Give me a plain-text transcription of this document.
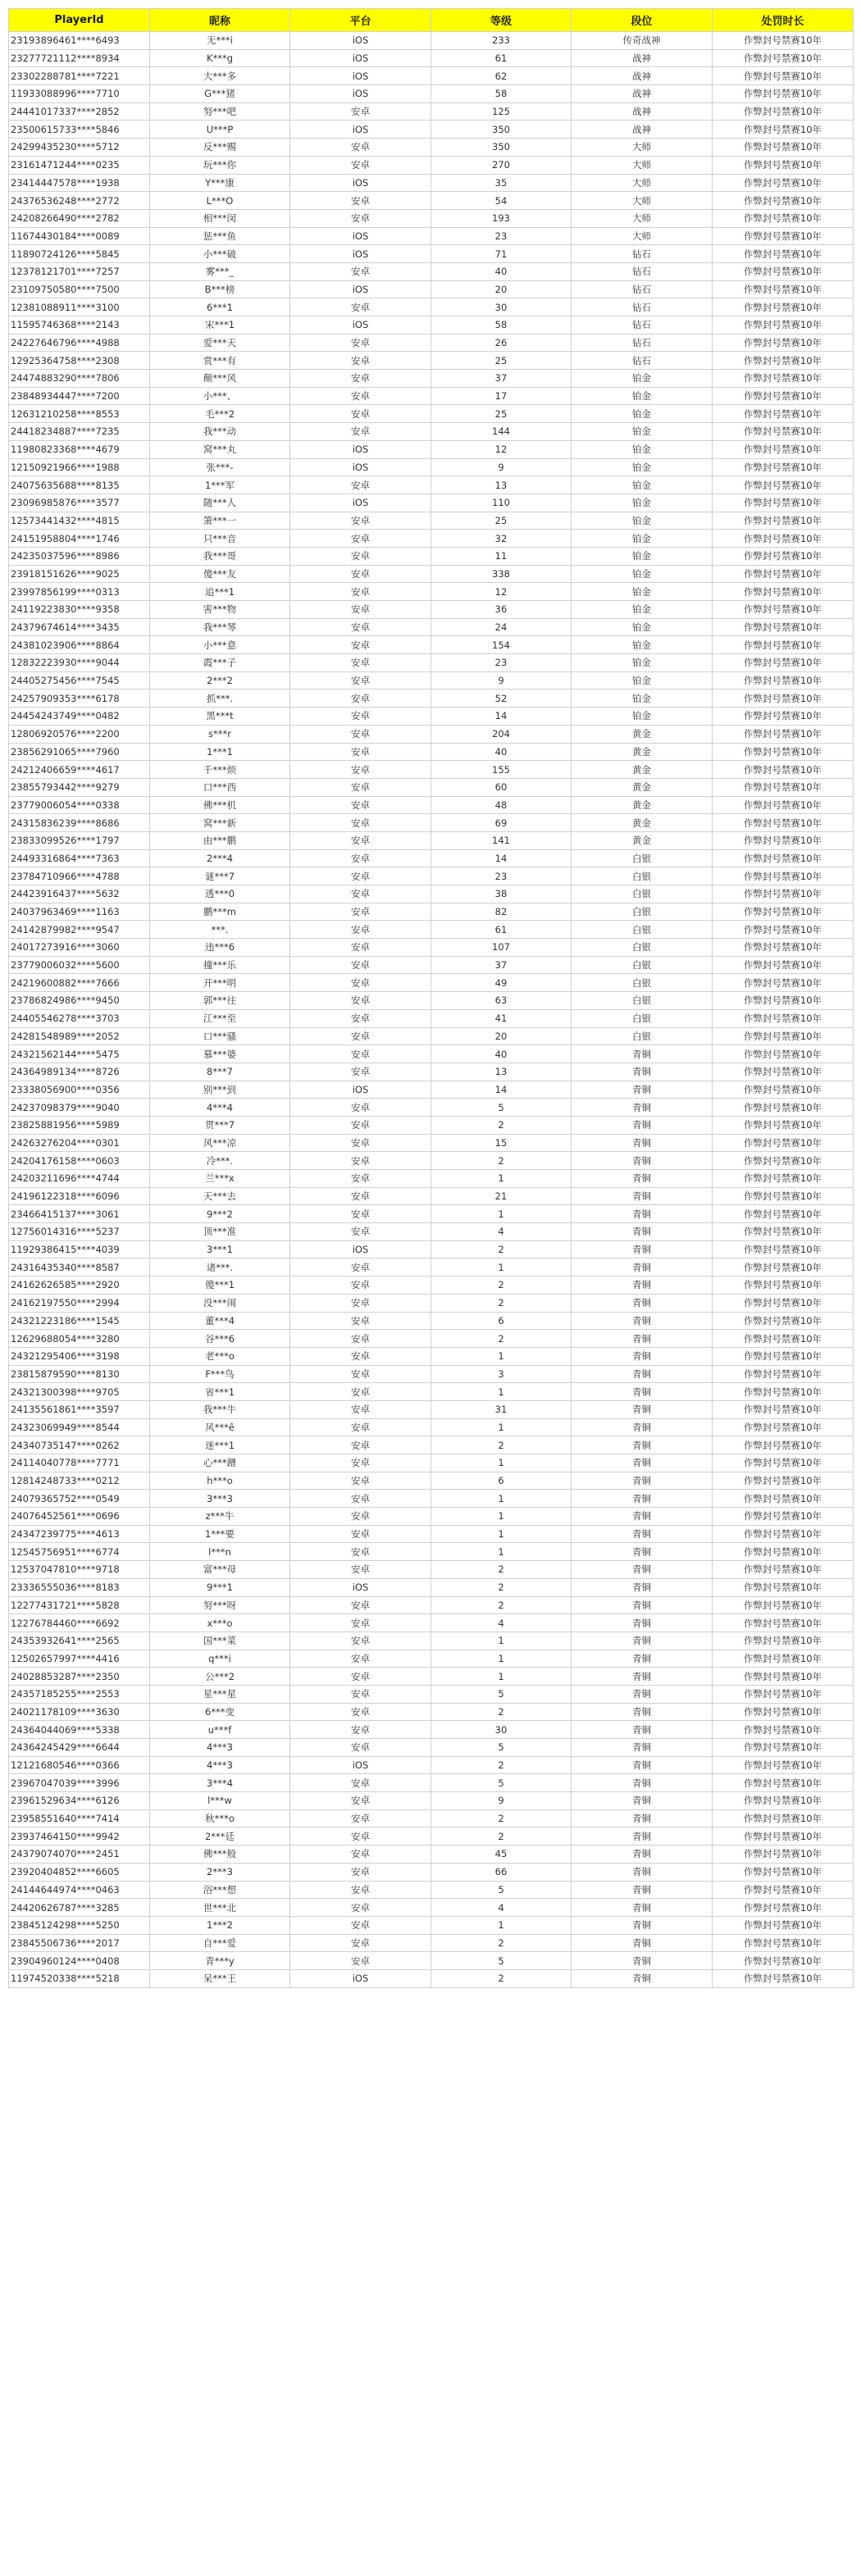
PlayerId	昵称	平台	等级	段位	处罚时长
23193896461****6493	无***i	iOS	233	传奇战神	作弊封号禁赛10年
23277721112****8934	K***g	iOS	61	战神	作弊封号禁赛10年
23302288781****7221	大***多	iOS	62	战神	作弊封号禁赛10年
11933088996****7710	G***猪	iOS	58	战神	作弊封号禁赛10年
24441017337****2852	努***吧	安卓	125	战神	作弊封号禁赛10年
23500615733****5846	U***P	iOS	350	战神	作弊封号禁赛10年
24299435230****5712	反***赐	安卓	350	大师	作弊封号禁赛10年
23161471244****0235	玩***你	安卓	270	大师	作弊封号禁赛10年
23414447578****1938	Y***康	iOS	35	大师	作弊封号禁赛10年
24376536248****2772	L***O	安卓	54	大师	作弊封号禁赛10年
24208266490****2782	相***闵	安卓	193	大师	作弊封号禁赛10年
11674430184****0089	惩***鱼	iOS	23	大师	作弊封号禁赛10年
11890724126****5845	小***破	iOS	71	钻石	作弊封号禁赛10年
12378121701****7257	雾***_	安卓	40	钻石	作弊封号禁赛10年
23109750580****7500	B***榜	iOS	20	钻石	作弊封号禁赛10年
12381088911****3100	6***1	安卓	30	钻石	作弊封号禁赛10年
11595746368****2143	宋***1	iOS	58	钻石	作弊封号禁赛10年
24227646796****4988	爱***天	安卓	26	钻石	作弊封号禁赛10年
12925364758****2308	赏***有	安卓	25	钻石	作弊封号禁赛10年
24474883290****7806	颠***风	安卓	37	铂金	作弊封号禁赛10年
23848934447****7200	小***、	安卓	17	铂金	作弊封号禁赛10年
12631210258****8553	毛***2	安卓	25	铂金	作弊封号禁赛10年
24418234887****7235	我***动	安卓	144	铂金	作弊封号禁赛10年
11980823368****4679	窝***丸	iOS	12	铂金	作弊封号禁赛10年
12150921966****1988	张***-	iOS	9	铂金	作弊封号禁赛10年
24075635688****8135	1***军	安卓	13	铂金	作弊封号禁赛10年
23096985876****3577	随***人	iOS	110	铂金	作弊封号禁赛10年
12573441432****4815	箫***一	安卓	25	铂金	作弊封号禁赛10年
24151958804****1746	只***音	安卓	32	铂金	作弊封号禁赛10年
24235037596****8986	我***哥	安卓	11	铂金	作弊封号禁赛10年
23918151626****9025	傻***友	安卓	338	铂金	作弊封号禁赛10年
23997856199****0313	追***1	安卓	12	铂金	作弊封号禁赛10年
24119223830****9358	害***物	安卓	36	铂金	作弊封号禁赛10年
24379674614****3435	我***琴	安卓	24	铂金	作弊封号禁赛10年
24381023906****8864	小***意	安卓	154	铂金	作弊封号禁赛10年
12832223930****9044	霞***子	安卓	23	铂金	作弊封号禁赛10年
24405275456****7545	2***2	安卓	9	铂金	作弊封号禁赛10年
24257909353****6178	抓***.	安卓	52	铂金	作弊封号禁赛10年
24454243749****0482	黑***t	安卓	14	铂金	作弊封号禁赛10年
12806920576****2200	s***r	安卓	204	黄金	作弊封号禁赛10年
23856291065****7960	1***1	安卓	40	黄金	作弊封号禁赛10年
24212406659****4617	千***烦	安卓	155	黄金	作弊封号禁赛10年
23855793442****9279	口***西	安卓	60	黄金	作弊封号禁赛10年
23779006054****0338	佛***机	安卓	48	黄金	作弊封号禁赛10年
24315836239****8686	窝***新	安卓	69	黄金	作弊封号禁赛10年
23833099526****1797	由***鹏	安卓	141	黄金	作弊封号禁赛10年
24493316864****7363	2***4	安卓	14	白银	作弊封号禁赛10年
23784710966****4788	谜***7	安卓	23	白银	作弊封号禁赛10年
24423916437****5632	透***0	安卓	38	白银	作弊封号禁赛10年
24037963469****1163	鹏***m	安卓	82	白银	作弊封号禁赛10年
24142879982****9547	***.	安卓	61	白银	作弊封号禁赛10年
24017273916****3060	违***6	安卓	107	白银	作弊封号禁赛10年
23779006032****5600	撞***乐	安卓	37	白银	作弊封号禁赛10年
24219600882****7666	开***明	安卓	49	白银	作弊封号禁赛10年
23786824986****9450	郭***往	安卓	63	白银	作弊封号禁赛10年
24405546278****3703	江***至	安卓	41	白银	作弊封号禁赛10年
24281548989****2052	口***骚	安卓	20	白银	作弊封号禁赛10年
24321562144****5475	慕***婆	安卓	40	青铜	作弊封号禁赛10年
24364989134****8726	8***7	安卓	13	青铜	作弊封号禁赛10年
23338056900****0356	别***到	iOS	14	青铜	作弊封号禁赛10年
24237098379****9040	4***4	安卓	5	青铜	作弊封号禁赛10年
23825881956****5989	贯***7	安卓	2	青铜	作弊封号禁赛10年
24263276204****0301	风***凉	安卓	15	青铜	作弊封号禁赛10年
24204176158****0603	冷***.	安卓	2	青铜	作弊封号禁赛10年
24203211696****4744	兰***x	安卓	1	青铜	作弊封号禁赛10年
24196122318****6096	天***去	安卓	21	青铜	作弊封号禁赛10年
23466415137****3061	9***2	安卓	1	青铜	作弊封号禁赛10年
12756014316****5237	顶***准	安卓	4	青铜	作弊封号禁赛10年
11929386415****4039	3***1	iOS	2	青铜	作弊封号禁赛10年
24316435340****8587	诸***.	安卓	1	青铜	作弊封号禁赛10年
24162626585****2920	傻***1	安卓	2	青铜	作弊封号禁赛10年
24162197550****2994	没***闹	安卓	2	青铜	作弊封号禁赛10年
24321223186****1545	董***4	安卓	6	青铜	作弊封号禁赛10年
12629688054****3280	谷***6	安卓	2	青铜	作弊封号禁赛10年
24321295406****3198	老***o	安卓	1	青铜	作弊封号禁赛10年
23815879590****8130	F***鸟	安卓	3	青铜	作弊封号禁赛10年
24321300398****9705	省***1	安卓	1	青铜	作弊封号禁赛10年
24135561861****3597	我***牛	安卓	31	青铜	作弊封号禁赛10年
24323069949****8544	风***ê	安卓	1	青铜	作弊封号禁赛10年
24340735147****0262	迷***1	安卓	2	青铜	作弊封号禁赛10年
24114040778****7771	心***蹭	安卓	1	青铜	作弊封号禁赛10年
12814248733****0212	h***o	安卓	6	青铜	作弊封号禁赛10年
24079365752****0549	3***3	安卓	1	青铜	作弊封号禁赛10年
24076452561****0696	z***牛	安卓	1	青铜	作弊封号禁赛10年
24347239775****4613	1***要	安卓	1	青铜	作弊封号禁赛10年
12545756951****6774	l***n	安卓	1	青铜	作弊封号禁赛10年
12537047810****9718	富***母	安卓	2	青铜	作弊封号禁赛10年
23336555036****8183	9***1	iOS	2	青铜	作弊封号禁赛10年
12277431721****5828	努***呀	安卓	2	青铜	作弊封号禁赛10年
12276784460****6692	x***o	安卓	4	青铜	作弊封号禁赛10年
24353932641****2565	国***菜	安卓	1	青铜	作弊封号禁赛10年
12502657997****4416	q***i	安卓	1	青铜	作弊封号禁赛10年
24028853287****2350	公***2	安卓	1	青铜	作弊封号禁赛10年
24357185255****2553	星***星	安卓	5	青铜	作弊封号禁赛10年
24021178109****3630	6***变	安卓	2	青铜	作弊封号禁赛10年
24364044069****5338	u***f	安卓	30	青铜	作弊封号禁赛10年
24364245429****6644	4***3	安卓	5	青铜	作弊封号禁赛10年
12121680546****0366	4***3	iOS	2	青铜	作弊封号禁赛10年
23967047039****3996	3***4	安卓	5	青铜	作弊封号禁赛10年
23961529634****6126	l***w	安卓	9	青铜	作弊封号禁赛10年
23958551640****7414	秋***o	安卓	2	青铜	作弊封号禁赛10年
23937464150****9942	2***廷	安卓	2	青铜	作弊封号禁赛10年
24379074070****2451	佛***般	安卓	45	青铜	作弊封号禁赛10年
23920404852****6605	2***3	安卓	66	青铜	作弊封号禁赛10年
24144644974****0463	浴***想	安卓	5	青铜	作弊封号禁赛10年
24420626787****3285	世***北	安卓	4	青铜	作弊封号禁赛10年
23845124298****5250	1***2	安卓	1	青铜	作弊封号禁赛10年
23845506736****2017	自***爱	安卓	2	青铜	作弊封号禁赛10年
23904960124****0408	青***y	安卓	5	青铜	作弊封号禁赛10年
11974520338****5218	呆***王	iOS	2	青铜	作弊封号禁赛10年
